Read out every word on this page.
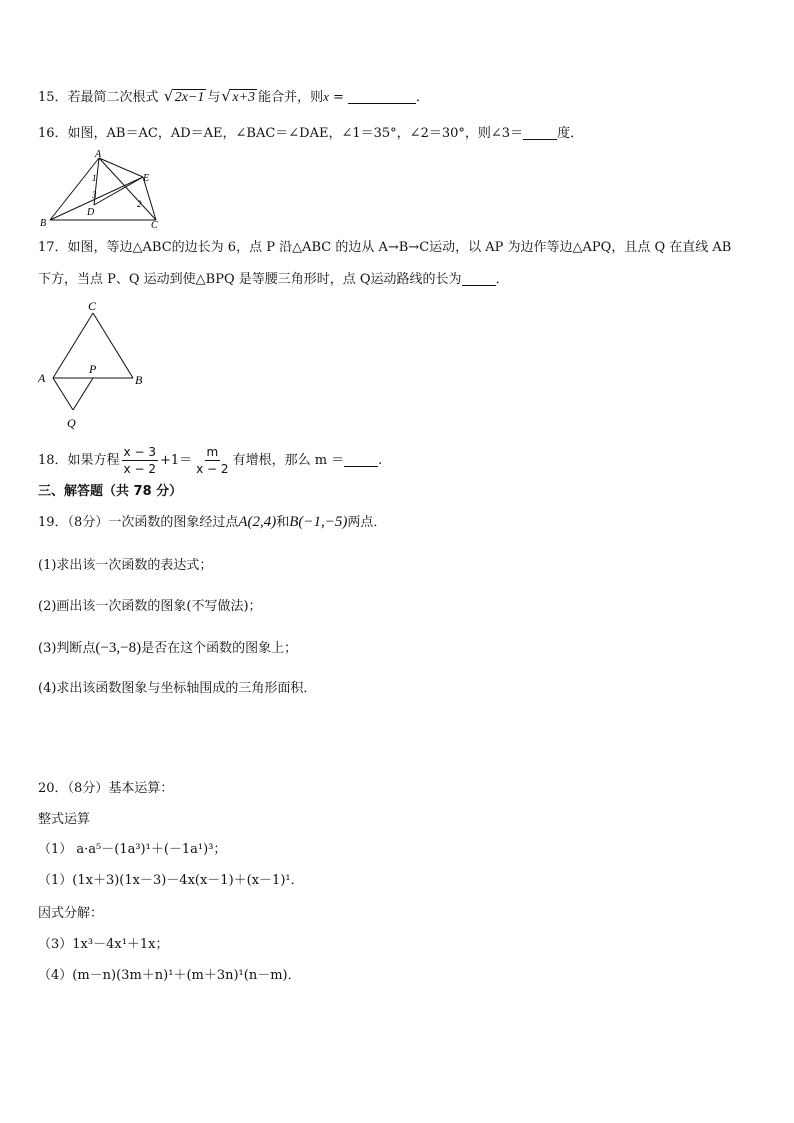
15．若最简二次根式 √ 2x−1 与 √ x+3 能合并，则x =	．
16．如图，AB＝AC，AD＝AE，∠BAC＝∠DAE，∠1＝35°，∠2＝30°，则∠3＝	度．
A
B	C
D
E
1
2
3
17．如图，等边△ABC的边长为 6，点 P 沿△ABC 的边从 A→B→C运动，以 AP 为边作等边△APQ，且点 Q 在直线 AB
下方，当点 P、Q 运动到使△BPQ 是等腰三角形时，点 Q运动路线的长为	．
C
A	B
P
Q
18．如果方程 $\frac{x - 3}{x - 2} +1= \frac{m}{x - 2}$ 有增根，那么 m ＝	.
三、解答题（共 78 分）
19．（8分）一次函数的图象经过点A(2,4)和B(−1,−5)两点．
(1)求出该一次函数的表达式；
(2)画出该一次函数的图象(不写做法)；
(3)判断点(−3,−8)是否在这个函数的图象上；
(4)求出该函数图象与坐标轴围成的三角形面积．
20．（8分）基本运算：
整式运算
（1） a·a⁵－(1a³)¹＋(－1a¹)³；
（1）(1x＋3)(1x－3)－4x(x－1)＋(x－1)¹．
因式分解：
（3）1x³－4x¹＋1x；
（4）(m－n)(3m＋n)¹＋(m＋3n)¹(n－m)．
